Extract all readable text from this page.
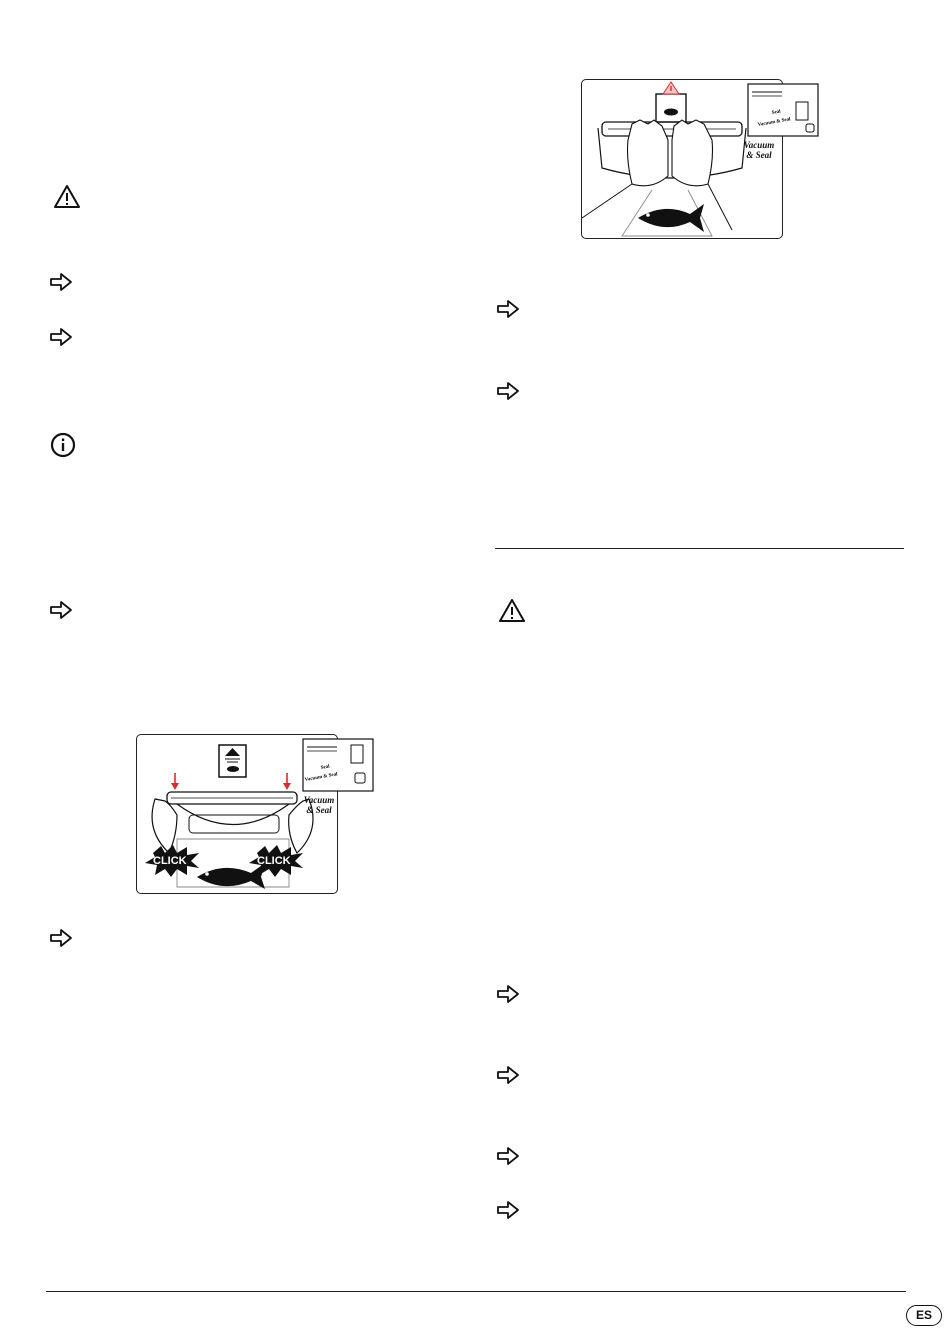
CLICK	CLICK
Seal
Vacuum & Seal
Vacuum
& Seal
Seal
Vacuum & Seal
Vacuum
& Seal
ES
